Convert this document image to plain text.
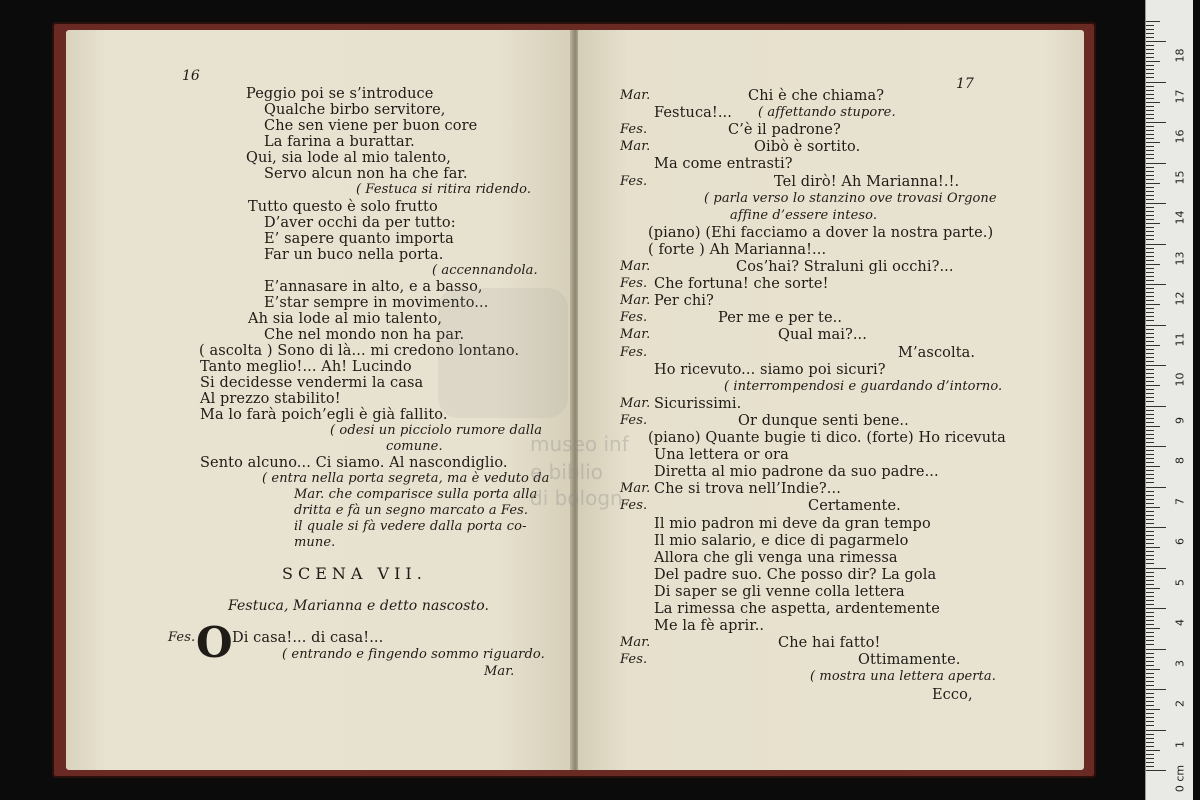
16
Peggio poi se s’introduce
Qualche birbo servitore,
Che sen viene per buon core
La farina a burattar.
Qui, sia lode al mio talento,
Servo alcun non ha che far.
( Festuca si ritira ridendo.
Tutto questo è solo frutto
D’aver occhi da per tutto:
E’ sapere quanto importa
Far un buco nella porta.
( accennandola.
E’annasare in alto, e a basso,
E’star sempre in movimento...
Ah sia lode al mio talento,
Che nel mondo non ha par.
( ascolta ) Sono di là... mi credono lontano.
Tanto meglio!... Ah! Lucindo
Si decidesse vendermi la casa
Al prezzo stabilito!
Ma lo farà poich’egli è già fallito.
( odesi un picciolo rumore dalla
comune.
Sento alcuno... Ci siamo. Al nascondiglio.
( entra nella porta segreta, ma è veduto da
Mar. che comparisce sulla porta alla
dritta e fà un segno marcato a Fes.
il quale si fà vedere dalla porta co-
mune.
SCENA VII.
Festuca, Marianna e detto nascosto.
Fes. O Di casa!... di casa!...
( entrando e fingendo sommo riguardo.
Mar.
17
Mar.	Chi è che chiama?
Festuca!... ( affettando stupore.
Fes.	C’è il padrone?
Mar.	Oibò è sortito.
Ma come entrasti?
Fes.	Tel dirò! Ah Marianna!.!.
( parla verso lo stanzino ove trovasi Orgone
affine d’essere inteso.
(piano) (Ehi facciamo a dover la nostra parte.)
( forte ) Ah Marianna!...
Mar.	Cos’hai? Straluni gli occhi?...
Fes. Che fortuna! che sorte!
Mar. Per chi?
Fes.	Per me e per te..
Mar.	Qual mai?...
Fes.	M’ascolta.
Ho ricevuto... siamo poi sicuri?
( interrompendosi e guardando d’intorno.
Mar. Sicurissimi.
Fes.	Or dunque senti bene..
(piano) Quante bugie ti dico. (forte) Ho ricevuta
Una lettera or ora
Diretta al mio padrone da suo padre...
Mar. Che si trova nell’Indie?...
Fes.	Certamente.
Il mio padron mi deve da gran tempo
Il mio salario, e dice di pagarmelo
Allora che gli venga una rimessa
Del padre suo. Che posso dir? La gola
Di saper se gli venne colla lettera
La rimessa che aspetta, ardentemente
Me la fè aprir..
Mar.	Che hai fatto!
Fes.	Ottimamente.
( mostra una lettera aperta.
Ecco,
museo inf
e biblio
di bologn
1
2
3
4
5
6
7
8
9
10
11
12
13
14
15
16
17
18
0 cm
